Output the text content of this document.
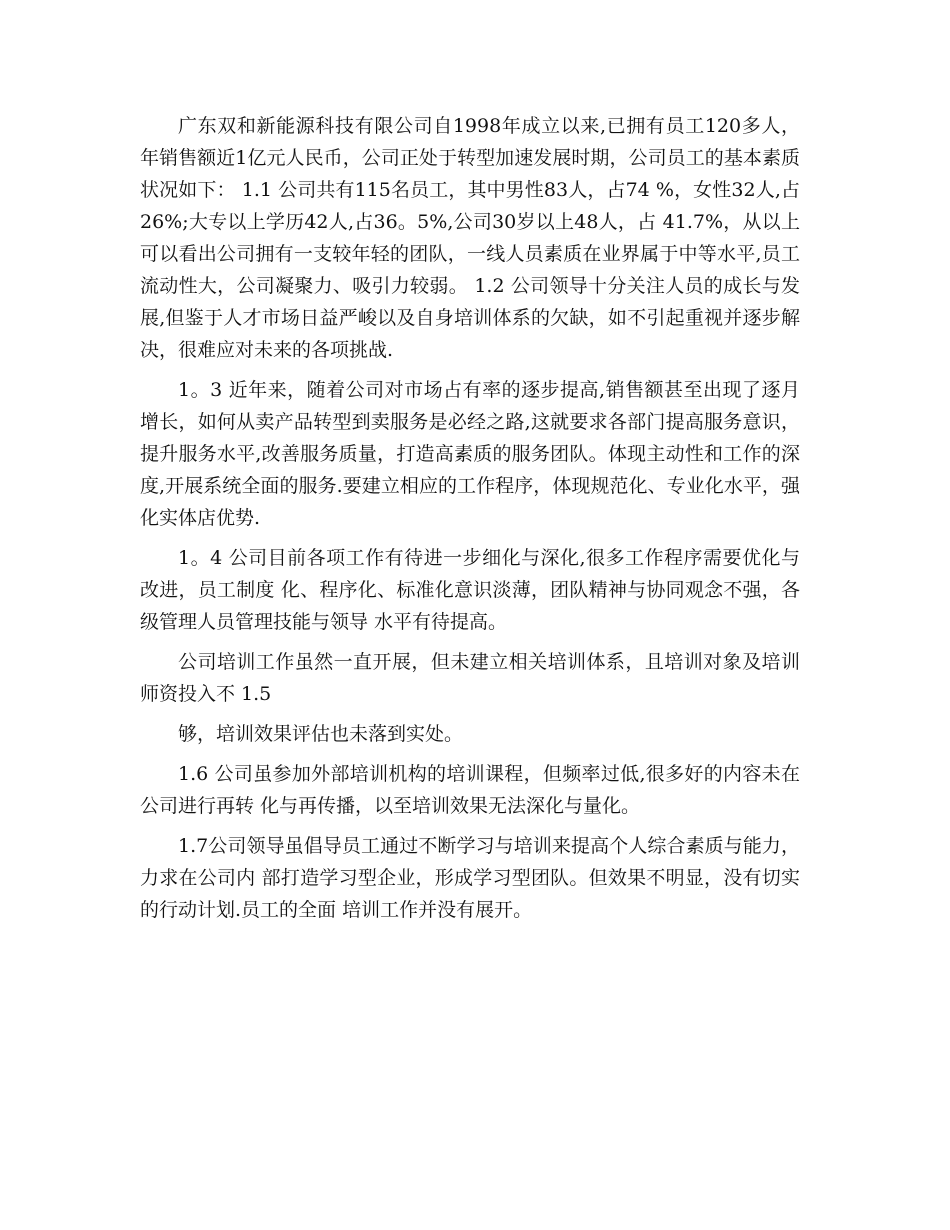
广东双和新能源科技有限公司自1998年成立以来,已拥有员工120多人，年销售额近1亿元人民币，公司正处于转型加速发展时期，公司员工的基本素质状况如下： 1.1 公司共有115名员工，其中男性83人，占74 %，女性32人,占 26%;大专以上学历42人,占36。5%,公司30岁以上48人，占 41.7%，从以上可以看出公司拥有一支较年轻的团队，一线人员素质在业界属于中等水平,员工流动性大，公司凝聚力、吸引力较弱。 1.2 公司领导十分关注人员的成长与发展,但鉴于人才市场日益严峻以及自身培训体系的欠缺，如不引起重视并逐步解决，很难应对未来的各项挑战.

1。3 近年来，随着公司对市场占有率的逐步提高,销售额甚至出现了逐月增长，如何从卖产品转型到卖服务是必经之路,这就要求各部门提高服务意识，提升服务水平,改善服务质量，打造高素质的服务团队。体现主动性和工作的深度,开展系统全面的服务.要建立相应的工作程序，体现规范化、专业化水平，强化实体店优势.

1。4 公司目前各项工作有待进一步细化与深化,很多工作程序需要优化与改进，员工制度 化、程序化、标准化意识淡薄，团队精神与协同观念不强，各级管理人员管理技能与领导 水平有待提高。

公司培训工作虽然一直开展，但未建立相关培训体系，且培训对象及培训师资投入不 1.5

够，培训效果评估也未落到实处。

1.6 公司虽参加外部培训机构的培训课程，但频率过低,很多好的内容未在公司进行再转 化与再传播，以至培训效果无法深化与量化。

1.7公司领导虽倡导员工通过不断学习与培训来提高个人综合素质与能力，力求在公司内 部打造学习型企业，形成学习型团队。但效果不明显，没有切实的行动计划.员工的全面 培训工作并没有展开。
